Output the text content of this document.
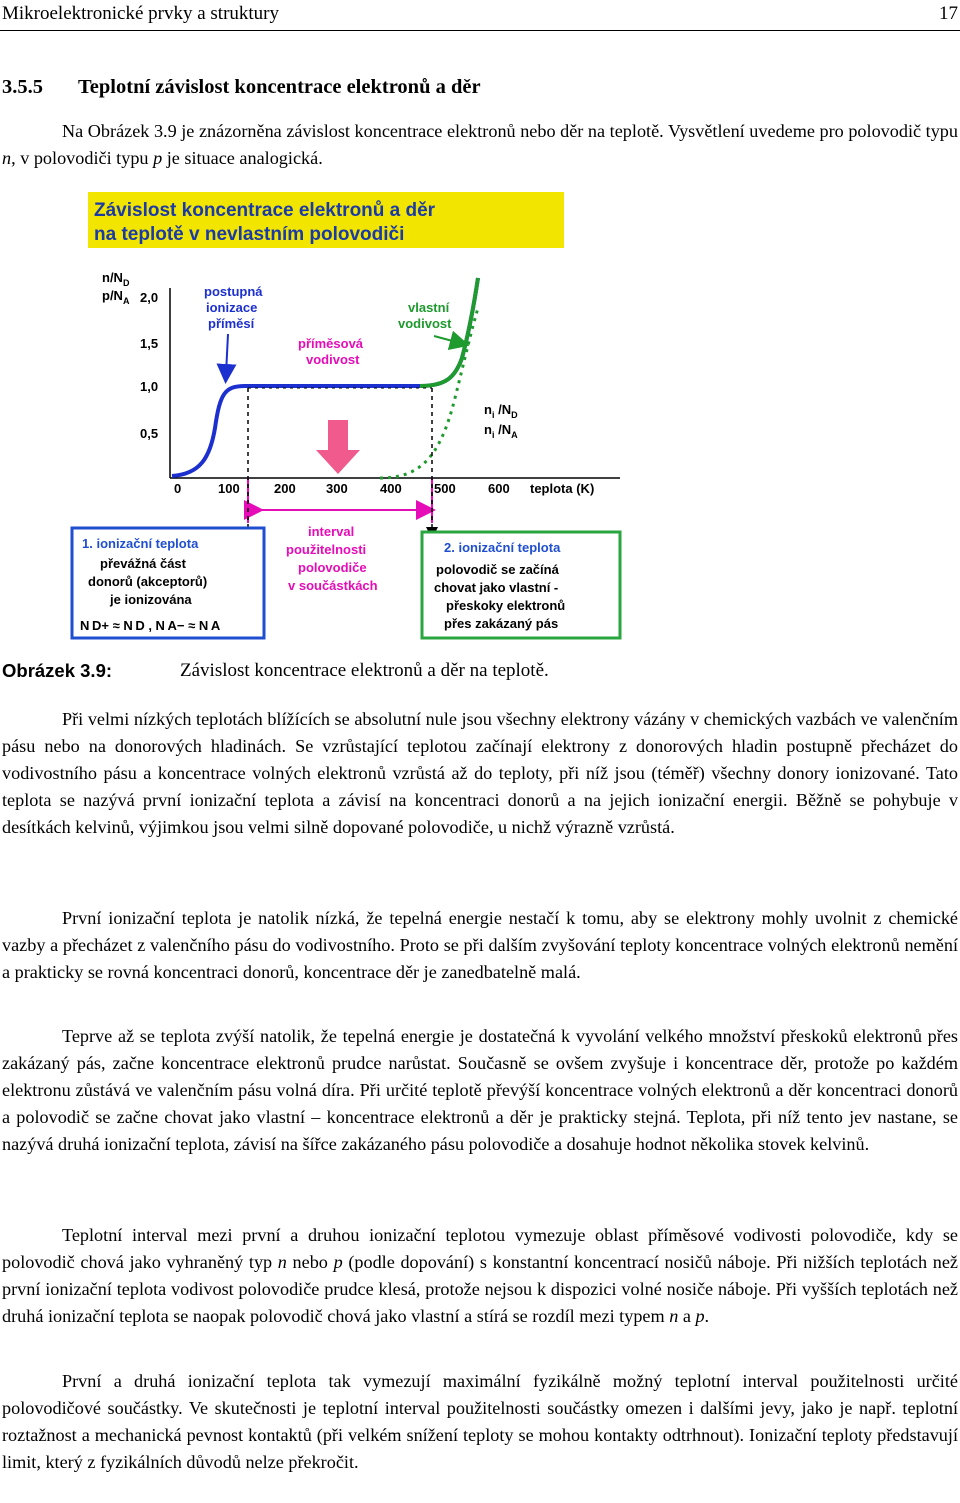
Mikroelektronické prvky a struktury	17
3.5.5 Teplotní závislost koncentrace elektronů a děr

Na Obrázek 3.9 je znázorněna závislost koncentrace elektronů nebo děr na teplotě. Vysvětlení uvedeme pro polovodič typu n, v polovodiči typu p je situace analogická.

Závislost koncentrace elektronů a děr
na teplotě v nevlastním polovodiči
$n/N_D$
$p/N_A$ 2,0
1,5
1,0
0,5
0	100	200 300 400 500 600 teplota (K)
postupná
ionizace
příměsí
příměsová
vodivost
vlastní
vodivost
$n_i$ $/N_D$
$n_i$ $/N_A$
1. ionizační teplota
převážná část
donorů (akceptorů)
je ionizována
N D+ ≈ N D , N A− ≈ N A
interval
použitelnosti
polovodiče
v součástkách
2. ionizační teplota
polovodič se začíná
chovat jako vlastní -
přeskoky elektronů
přes zakázaný pás
Obrázek 3.9:	Závislost koncentrace elektronů a děr na teplotě.

Při velmi nízkých teplotách blížících se absolutní nule jsou všechny elektrony vázány v chemických vazbách ve valenčním pásu nebo na donorových hladinách. Se vzrůstající teplotou začínají elektrony z donorových hladin postupně přecházet do vodivostního pásu a koncentrace volných elektronů vzrůstá až do teploty, při níž jsou (téměř) všechny donory ionizované. Tato teplota se nazývá první ionizační teplota a závisí na koncentraci donorů a na jejich ionizační energii. Běžně se pohybuje v desítkách kelvinů, výjimkou jsou velmi silně dopované polovodiče, u nichž výrazně vzrůstá.

První ionizační teplota je natolik nízká, že tepelná energie nestačí k tomu, aby se elektrony mohly uvolnit z chemické vazby a přecházet z valenčního pásu do vodivostního. Proto se při dalším zvyšování teploty koncentrace volných elektronů nemění a prakticky se rovná koncentraci donorů, koncentrace děr je zanedbatelně malá.

Teprve až se teplota zvýší natolik, že tepelná energie je dostatečná k vyvolání velkého množství přeskoků elektronů přes zakázaný pás, začne koncentrace elektronů prudce narůstat. Současně se ovšem zvyšuje i koncentrace děr, protože po každém elektronu zůstává ve valenčním pásu volná díra. Při určité teplotě převýší koncentrace volných elektronů a děr koncentraci donorů a polovodič se začne chovat jako vlastní – koncentrace elektronů a děr je prakticky stejná. Teplota, při níž tento jev nastane, se nazývá druhá ionizační teplota, závisí na šířce zakázaného pásu polovodiče a dosahuje hodnot několika stovek kelvinů.

Teplotní interval mezi první a druhou ionizační teplotou vymezuje oblast příměsové vodivosti polovodiče, kdy se polovodič chová jako vyhraněný typ n nebo p (podle dopování) s konstantní koncentrací nosičů náboje. Při nižších teplotách než první ionizační teplota vodivost polovodiče prudce klesá, protože nejsou k dispozici volné nosiče náboje. Při vyšších teplotách než druhá ionizační teplota se naopak polovodič chová jako vlastní a stírá se rozdíl mezi typem n a p.

První a druhá ionizační teplota tak vymezují maximální fyzikálně možný teplotní interval použitelnosti určité polovodičové součástky. Ve skutečnosti je teplotní interval použitelnosti součástky omezen i dalšími jevy, jako je např. teplotní roztažnost a mechanická pevnost kontaktů (při velkém snížení teploty se mohou kontakty odtrhnout). Ionizační teploty představují limit, který z fyzikálních důvodů nelze překročit.
